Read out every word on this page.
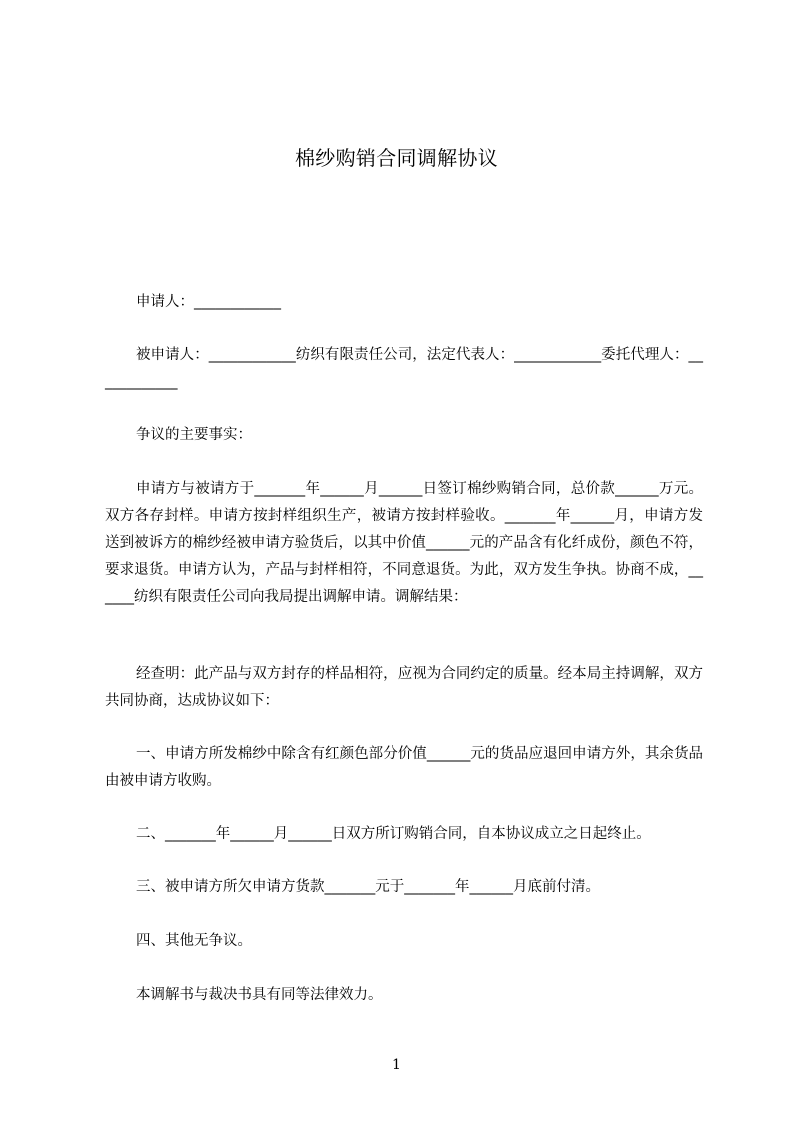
棉纱购销合同调解协议
申请人：____________
被申请人：____________纺织有限责任公司，法定代表人：____________委托代理人：____________
争议的主要事实：
申请方与被请方于_______年______月______日签订棉纱购销合同，总价款______万元。双方各存封样。申请方按封样组织生产，被请方按封样验收。_______年______月，申请方发送到被诉方的棉纱经被申请方验货后，以其中价值______元的产品含有化纤成份，颜色不符，要求退货。申请方认为，产品与封样相符，不同意退货。为此，双方发生争执。协商不成，______纺织有限责任公司向我局提出调解申请。调解结果：
经查明：此产品与双方封存的样品相符，应视为合同约定的质量。经本局主持调解，双方共同协商，达成协议如下：
一、申请方所发棉纱中除含有红颜色部分价值______元的货品应退回申请方外，其余货品由被申请方收购。
二、_______年______月______日双方所订购销合同，自本协议成立之日起终止。
三、被申请方所欠申请方货款_______元于_______年______月底前付清。
四、其他无争议。
本调解书与裁决书具有同等法律效力。
1
